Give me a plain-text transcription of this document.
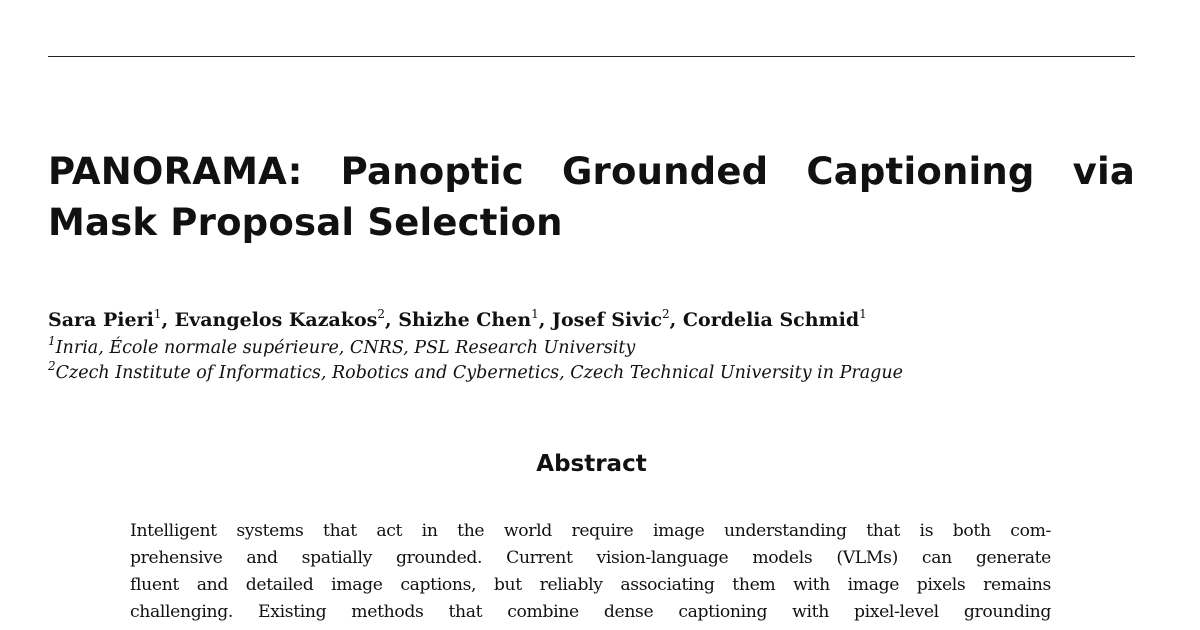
PANORAMA: Panoptic Grounded Captioning via Mask Proposal Selection
Sara Pieri$^1$, Evangelos Kazakos$^2$, Shizhe Chen$^1$, Josef Sivic$^2$, Cordelia Schmid$^1$
$^1$Inria, École normale supérieure, CNRS, PSL Research University
$^2$Czech Institute of Informatics, Robotics and Cybernetics, Czech Technical University in Prague
Abstract
Intelligent systems that act in the world require image understanding that is both com-
prehensive and spatially grounded. Current vision-language models (VLMs) can generate
fluent and detailed image captions, but reliably associating them with image pixels remains
challenging. Existing methods that combine dense captioning with pixel-level grounding
